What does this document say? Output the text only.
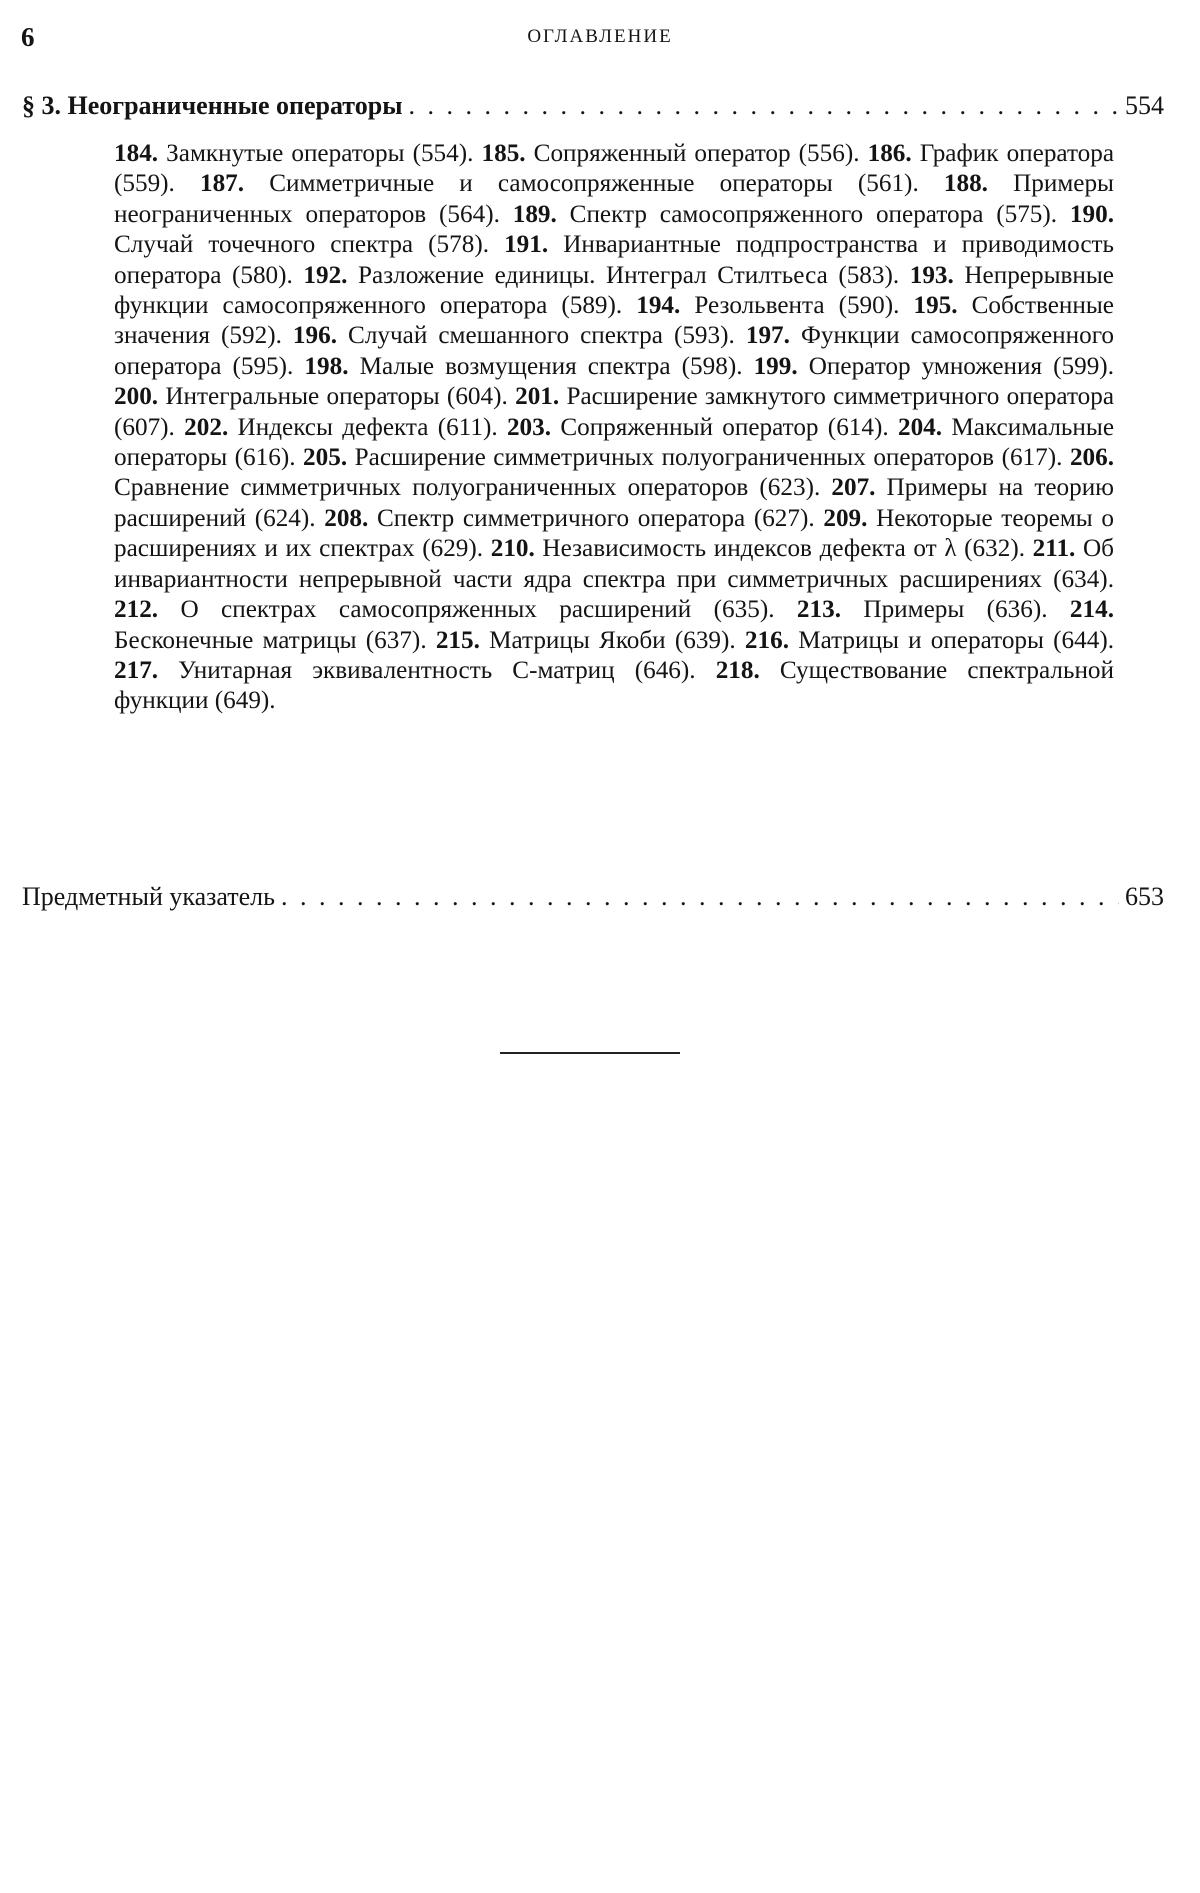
6	ОГЛАВЛЕНИЕ
§ 3. Неограниченные операторы . . .	554
184. Замкнутые операторы (554). 185. Сопряженный оператор (556). 186. График оператора (559). 187. Симметричные и самосопряженные операторы (561). 188. Примеры неограниченных операторов (564). 189. Спектр самосопряженного оператора (575). 190. Случай точечного спектра (578). 191. Инвариантные подпространства и приводимость оператора (580). 192. Разложение единицы. Интеграл Стилтьеса (583). 193. Непрерывные функции самосопряженного оператора (589). 194. Резольвента (590). 195. Собственные значения (592). 196. Случай смешанного спектра (593). 197. Функции самосопряженного оператора (595). 198. Малые возмущения спектра (598). 199. Оператор умножения (599). 200. Интегральные операторы (604). 201. Расширение замкнутого симметричного оператора (607). 202. Индексы дефекта (611). 203. Сопряженный оператор (614). 204. Максимальные операторы (616). 205. Расширение симметричных полуограниченных операторов (617). 206. Сравнение симметричных полуограниченных операторов (623). 207. Примеры на теорию расширений (624). 208. Спектр симметричного оператора (627). 209. Некоторые теоремы о расширениях и их спектрах (629). 210. Независимость индексов дефекта от λ (632). 211. Об инвариантности непрерывной части ядра спектра при симметричных расширениях (634). 212. О спектрах самосопряженных расширений (635). 213. Примеры (636). 214. Бесконечные матрицы (637). 215. Матрицы Якоби (639). 216. Матрицы и операторы (644). 217. Унитарная эквивалентность C-матриц (646). 218. Существование спектральной функции (649).
Предметный указатель . . .	653
